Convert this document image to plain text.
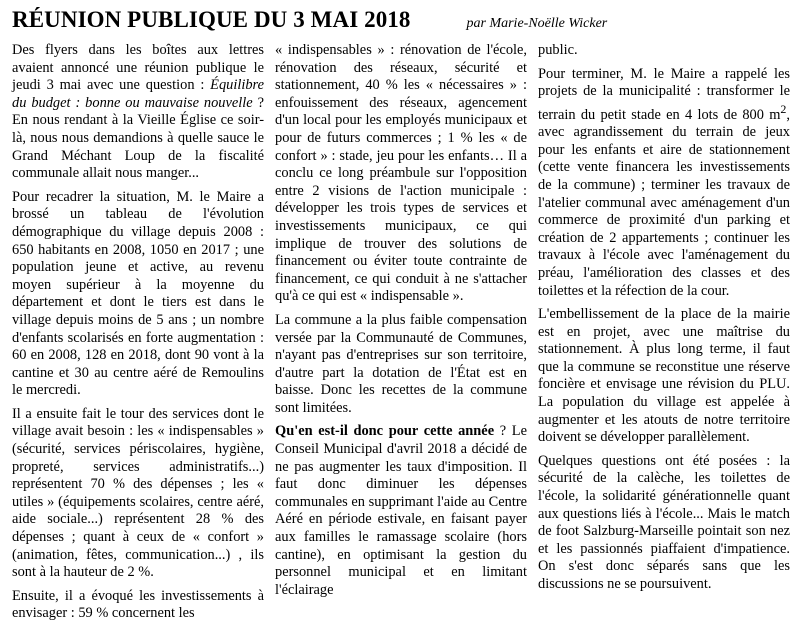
RÉUNION PUBLIQUE DU 3 MAI 2018	par Marie-Noëlle Wicker

Des flyers dans les boîtes aux lettres avaient annoncé une réunion publique le jeudi 3 mai avec une question : Équilibre du budget : bonne ou mauvaise nouvelle ? En nous rendant à la Vieille Église ce soir-là, nous nous demandions à quelle sauce le Grand Méchant Loup de la fiscalité communale allait nous manger...

Pour recadrer la situation, M. le Maire a brossé un tableau de l'évolution démographique du village depuis 2008 : 650 habitants en 2008, 1050 en 2017 ; une population jeune et active, au revenu moyen supérieur à la moyenne du département et dont le tiers est dans le village depuis moins de 5 ans ; un nombre d'enfants scolarisés en forte augmentation : 60 en 2008, 128 en 2018, dont 90 vont à la cantine et 30 au centre aéré de Remoulins le mercredi.

Il a ensuite fait le tour des services dont le village avait besoin : les « indispensables » (sécurité, services périscolaires, hygiène, propreté, services administratifs...) représentent 70 % des dépenses ; les « utiles » (équipements scolaires, centre aéré, aide sociale...) représentent 28 % des dépenses ; quant à ceux de « confort » (animation, fêtes, communication...) , ils sont à la hauteur de 2 %.

Ensuite, il a évoqué les investissements à envisager : 59 % concernent les

« indispensables » : rénovation de l'école, rénovation des réseaux, sécurité et stationnement, 40 % les « nécessaires » : enfouissement des réseaux, agencement d'un local pour les employés municipaux et pour de futurs commerces ; 1 % les « de confort » : stade, jeu pour les enfants… Il a conclu ce long préambule sur l'opposition entre 2 visions de l'action municipale : développer les trois types de services et investissements municipaux, ce qui implique de trouver des solutions de financement ou éviter toute contrainte de financement, ce qui conduit à ne s'attacher qu'à ce qui est « indispensable ».

La commune a la plus faible compensation versée par la Communauté de Communes, n'ayant pas d'entreprises sur son territoire, d'autre part la dotation de l'État est en baisse. Donc les recettes de la commune sont limitées.

Qu'en est-il donc pour cette année ? Le Conseil Municipal d'avril 2018 a décidé de ne pas augmenter les taux d'imposition. Il faut donc diminuer les dépenses communales en supprimant l'aide au Centre Aéré en période estivale, en faisant payer aux familles le ramassage scolaire (hors cantine), en optimisant la gestion du personnel municipal et en limitant l'éclairage

public.

Pour terminer, M. le Maire a rappelé les projets de la municipalité : transformer le terrain du petit stade en 4 lots de 800 $m^2$, avec agrandissement du terrain de jeux pour les enfants et aire de stationnement (cette vente financera les investissements de la commune) ; terminer les travaux de l'atelier communal avec aménagement d'un commerce de proximité d'un parking et création de 2 appartements ; continuer les travaux à l'école avec l'aménagement du préau, l'amélioration des classes et des toilettes et la réfection de la cour.

L'embellissement de la place de la mairie est en projet, avec une maîtrise du stationnement. À plus long terme, il faut que la commune se reconstitue une réserve foncière et envisage une révision du PLU. La population du village est appelée à augmenter et les atouts de notre territoire doivent se développer parallèlement.

Quelques questions ont été posées : la sécurité de la calèche, les toilettes de l'école, la solidarité générationnelle quant aux questions liés à l'école... Mais le match de foot Salzburg-Marseille pointait son nez et les passionnés piaffaient d'impatience. On s'est donc séparés sans que les discussions ne se poursuivent.
